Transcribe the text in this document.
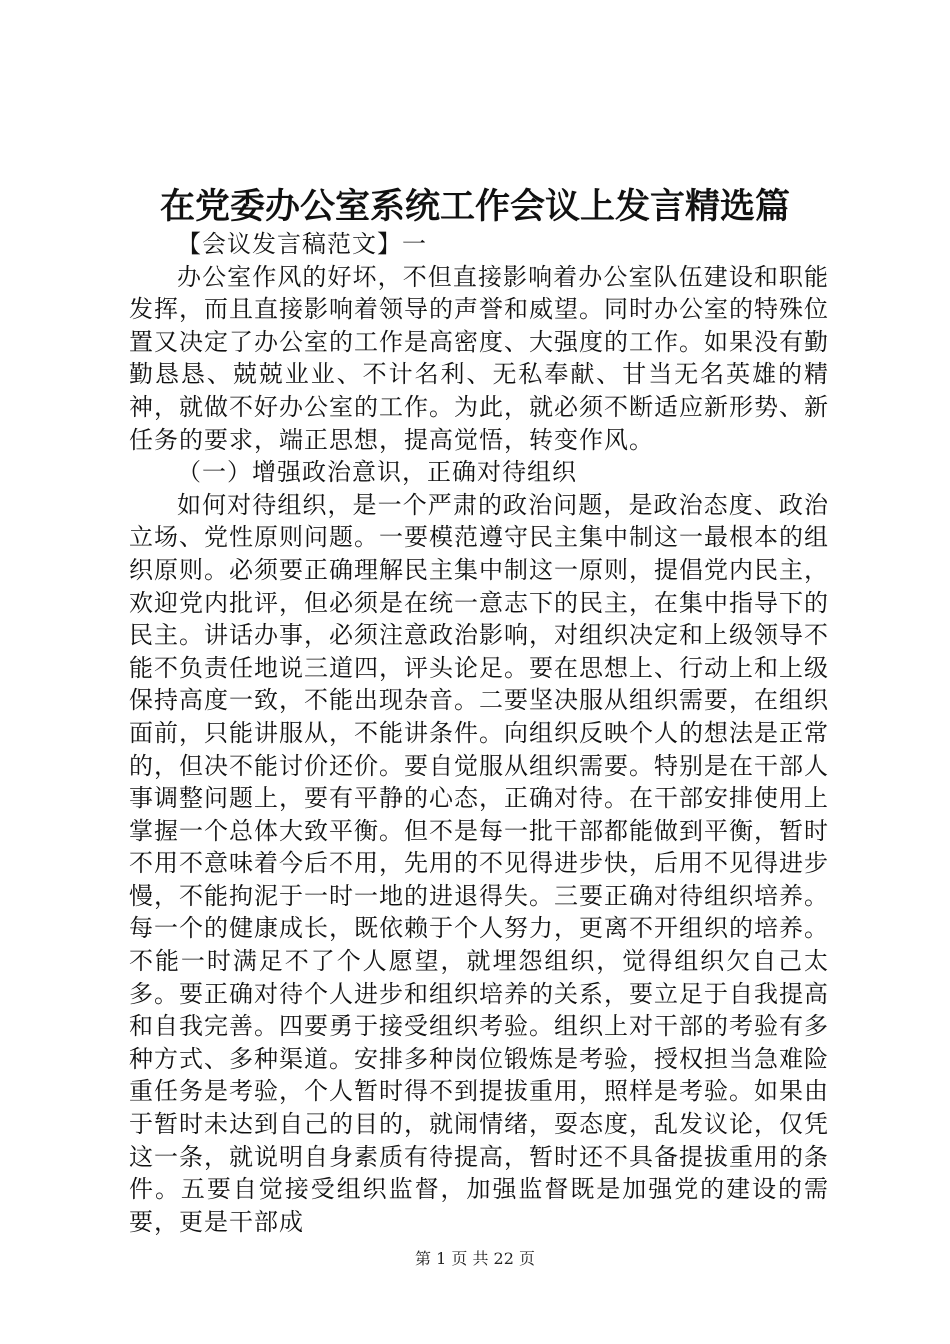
在党委办公室系统工作会议上发言精选篇

【会议发言稿范文】一

办公室作风的好坏，不但直接影响着办公室队伍建设和职能发挥，而且直接影响着领导的声誉和威望。同时办公室的特殊位置又决定了办公室的工作是高密度、大强度的工作。如果没有勤勤恳恳、兢兢业业、不计名利、无私奉献、甘当无名英雄的精神，就做不好办公室的工作。为此，就必须不断适应新形势、新任务的要求，端正思想，提高觉悟，转变作风。

（一）增强政治意识，正确对待组织

如何对待组织，是一个严肃的政治问题，是政治态度、政治立场、党性原则问题。一要模范遵守民主集中制这一最根本的组织原则。必须要正确理解民主集中制这一原则，提倡党内民主，欢迎党内批评，但必须是在统一意志下的民主，在集中指导下的民主。讲话办事，必须注意政治影响，对组织决定和上级领导不能不负责任地说三道四，评头论足。要在思想上、行动上和上级保持高度一致，不能出现杂音。二要坚决服从组织需要，在组织面前，只能讲服从，不能讲条件。向组织反映个人的想法是正常的，但决不能讨价还价。要自觉服从组织需要。特别是在干部人事调整问题上，要有平静的心态，正确对待。在干部安排使用上掌握一个总体大致平衡。但不是每一批干部都能做到平衡，暂时不用不意味着今后不用，先用的不见得进步快，后用不见得进步慢，不能拘泥于一时一地的进退得失。三要正确对待组织培养。每一个的健康成长，既依赖于个人努力，更离不开组织的培养。不能一时满足不了个人愿望，就埋怨组织，觉得组织欠自己太多。要正确对待个人进步和组织培养的关系，要立足于自我提高和自我完善。四要勇于接受组织考验。组织上对干部的考验有多种方式、多种渠道。安排多种岗位锻炼是考验，授权担当急难险重任务是考验，个人暂时得不到提拔重用，照样是考验。如果由于暂时未达到自己的目的，就闹情绪，耍态度，乱发议论，仅凭这一条，就说明自身素质有待提高，暂时还不具备提拔重用的条件。五要自觉接受组织监督，加强监督既是加强党的建设的需要，更是干部成

第 1 页 共 22 页
